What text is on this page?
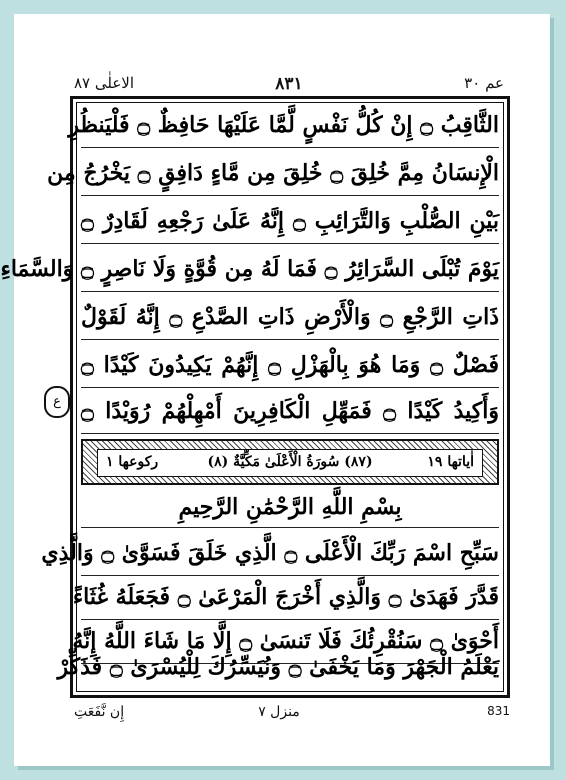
الاعلٰی ۸۷	۸۳۱	عم ۳۰
ع
الثَّاقِبُ ۝ إِنْ كُلُّ نَفْسٍ لَّمَّا عَلَيْهَا حَافِظٌ ۝ فَلْيَنظُرِ
الْإِنسَانُ مِمَّ خُلِقَ ۝ خُلِقَ مِن مَّاءٍ دَافِقٍ ۝ يَخْرُجُ مِن
بَيْنِ الصُّلْبِ وَالتَّرَائِبِ ۝ إِنَّهُ عَلَىٰ رَجْعِهِ لَقَادِرٌ ۝
يَوْمَ تُبْلَى السَّرَائِرُ ۝ فَمَا لَهُ مِن قُوَّةٍ وَلَا نَاصِرٍ ۝ وَالسَّمَاءِ
ذَاتِ الرَّجْعِ ۝ وَالْأَرْضِ ذَاتِ الصَّدْعِ ۝ إِنَّهُ لَقَوْلٌ
فَصْلٌ ۝ وَمَا هُوَ بِالْهَزْلِ ۝ إِنَّهُمْ يَكِيدُونَ كَيْدًا ۝
وَأَكِيدُ كَيْدًا ۝ فَمَهِّلِ الْكَافِرِينَ أَمْهِلْهُمْ رُوَيْدًا ۝
اٰیاتھا ۱۹
(۸۷) سُورَةُ الْأَعْلَىٰ مَكِّيَّةٌ (۸)
رکوعھا ۱
بِسْمِ اللَّهِ الرَّحْمَٰنِ الرَّحِيمِ
سَبِّحِ اسْمَ رَبِّكَ الْأَعْلَى ۝ الَّذِي خَلَقَ فَسَوَّىٰ ۝ وَالَّذِي
قَدَّرَ فَهَدَىٰ ۝ وَالَّذِي أَخْرَجَ الْمَرْعَىٰ ۝ فَجَعَلَهُ غُثَاءً
أَحْوَىٰ ۝ سَنُقْرِئُكَ فَلَا تَنسَىٰ ۝ إِلَّا مَا شَاءَ اللَّهُ إِنَّهُ
يَعْلَمُ الْجَهْرَ وَمَا يَخْفَىٰ ۝ وَنُيَسِّرُكَ لِلْيُسْرَىٰ ۝ فَذَكِّرْ
إِن نَّفَعَتِ	منزل ۷	831
